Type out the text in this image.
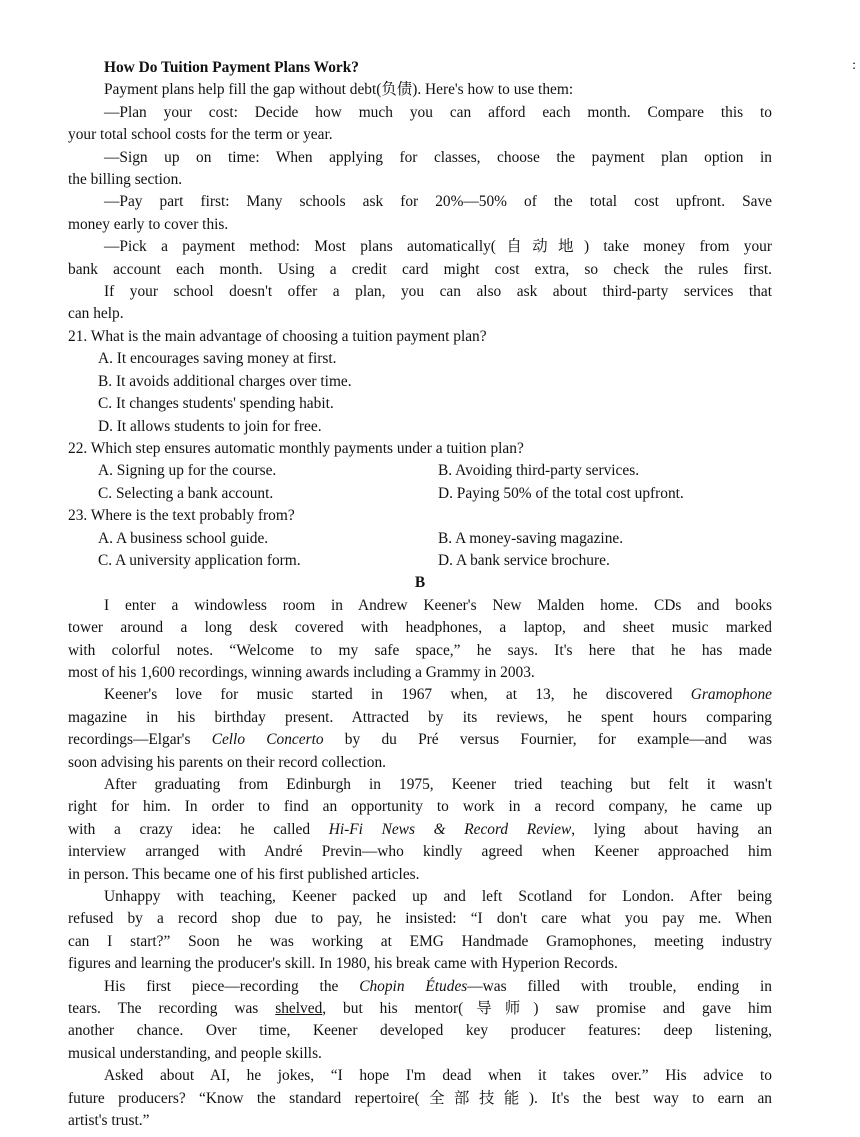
:
How Do Tuition Payment Plans Work?
Payment plans help fill the gap without debt(负债). Here's how to use them:
—Plan your cost: Decide how much you can afford each month. Compare this to
your total school costs for the term or year.
—Sign up on time: When applying for classes, choose the payment plan option in
the billing section.
—Pay part first: Many schools ask for 20%—50% of the total cost upfront. Save
money early to cover this.
—Pick a payment method: Most plans automatically(自动地) take money from your
bank account each month. Using a credit card might cost extra, so check the rules first.
If your school doesn't offer a plan, you can also ask about third-party services that
can help.
21. What is the main advantage of choosing a tuition payment plan?
A. It encourages saving money at first.
B. It avoids additional charges over time.
C. It changes students' spending habit.
D. It allows students to join for free.
22. Which step ensures automatic monthly payments under a tuition plan?
A. Signing up for the course.	B. Avoiding third-party services.
C. Selecting a bank account.	D. Paying 50% of the total cost upfront.
23. Where is the text probably from?
A. A business school guide.	B. A money-saving magazine.
C. A university application form.	D. A bank service brochure.
B
I enter a windowless room in Andrew Keener's New Malden home. CDs and books
tower around a long desk covered with headphones, a laptop, and sheet music marked
with colorful notes. “Welcome to my safe space,” he says. It's here that he has made
most of his 1,600 recordings, winning awards including a Grammy in 2003.
Keener's love for music started in 1967 when, at 13, he discovered Gramophone
magazine in his birthday present. Attracted by its reviews, he spent hours comparing
recordings—Elgar's Cello Concerto by du Pré versus Fournier, for example—and was
soon advising his parents on their record collection.
After graduating from Edinburgh in 1975, Keener tried teaching but felt it wasn't
right for him. In order to find an opportunity to work in a record company, he came up
with a crazy idea: he called Hi-Fi News & Record Review, lying about having an
interview arranged with André Previn—who kindly agreed when Keener approached him
in person. This became one of his first published articles.
Unhappy with teaching, Keener packed up and left Scotland for London. After being
refused by a record shop due to pay, he insisted: “I don't care what you pay me. When
can I start?” Soon he was working at EMG Handmade Gramophones, meeting industry
figures and learning the producer's skill. In 1980, his break came with Hyperion Records.
His first piece—recording the Chopin Études—was filled with trouble, ending in
tears. The recording was shelved, but his mentor(导师) saw promise and gave him
another chance. Over time, Keener developed key producer features: deep listening,
musical understanding, and people skills.
Asked about AI, he jokes, “I hope I'm dead when it takes over.” His advice to
future producers? “Know the standard repertoire(全部技能). It's the best way to earn an
artist's trust.”
